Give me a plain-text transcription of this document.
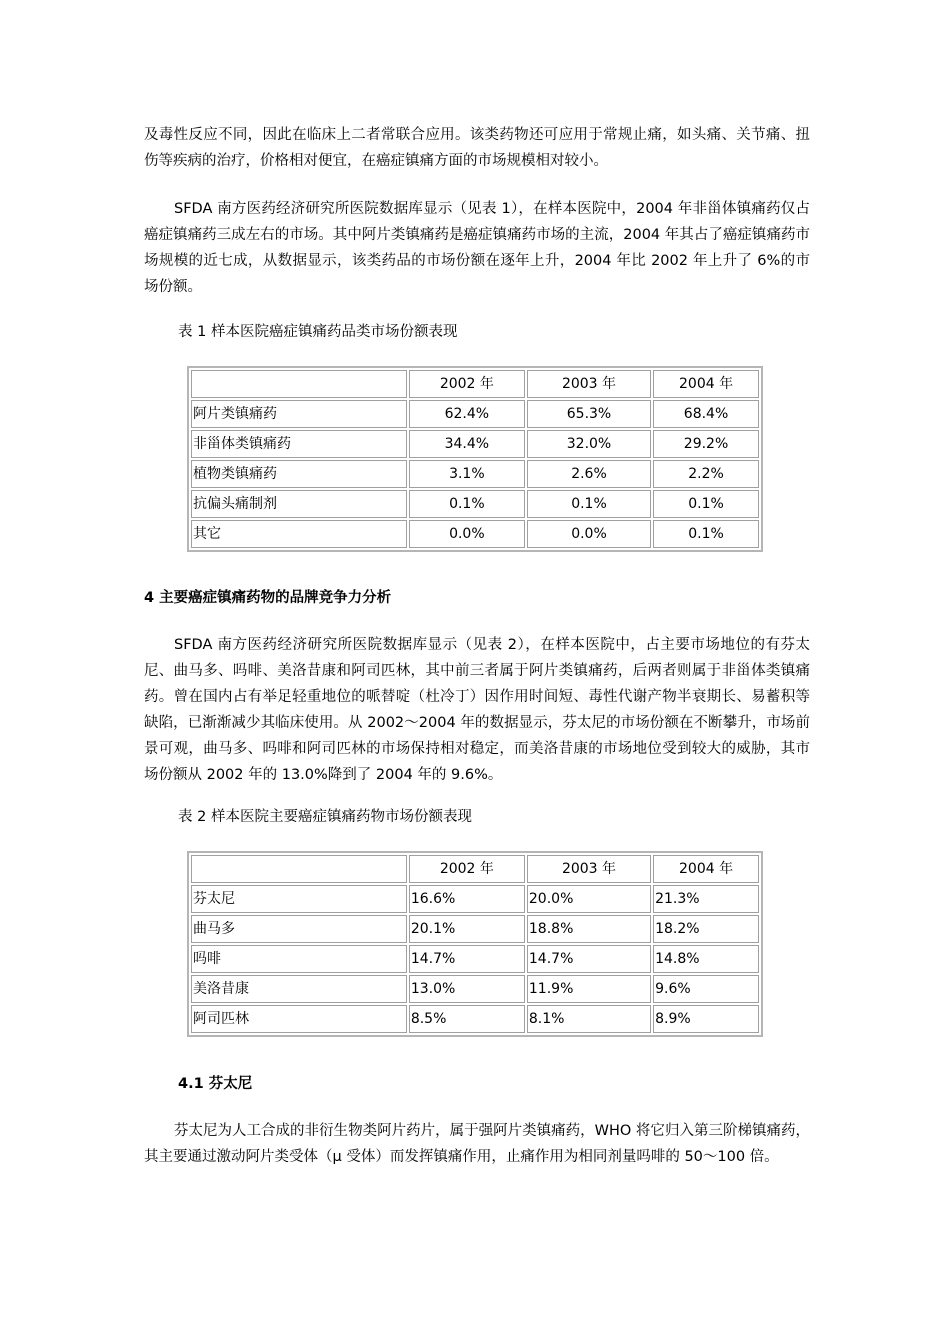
及毒性反应不同，因此在临床上二者常联合应用。该类药物还可应用于常规止痛，如头痛、关节痛、扭伤等疾病的治疗，价格相对便宜，在癌症镇痛方面的市场规模相对较小。

SFDA 南方医药经济研究所医院数据库显示（见表 1），在样本医院中，2004 年非甾体镇痛药仅占癌症镇痛药三成左右的市场。其中阿片类镇痛药是癌症镇痛药市场的主流，2004 年其占了癌症镇痛药市场规模的近七成，从数据显示，该类药品的市场份额在逐年上升，2004 年比 2002 年上升了 6%的市场份额。

表 1 样本医院癌症镇痛药品类市场份额表现

	2002 年	2003 年	2004 年
阿片类镇痛药	62.4%	65.3%	68.4%
非甾体类镇痛药	34.4%	32.0%	29.2%
植物类镇痛药	3.1%	2.6%	2.2%
抗偏头痛制剂	0.1%	0.1%	0.1%
其它	0.0%	0.0%	0.1%

4 主要癌症镇痛药物的品牌竞争力分析

SFDA 南方医药经济研究所医院数据库显示（见表 2），在样本医院中，占主要市场地位的有芬太尼、曲马多、吗啡、美洛昔康和阿司匹林，其中前三者属于阿片类镇痛药，后两者则属于非甾体类镇痛药。曾在国内占有举足轻重地位的哌替啶（杜冷丁）因作用时间短、毒性代谢产物半衰期长、易蓄积等缺陷，已渐渐减少其临床使用。从 2002～2004 年的数据显示，芬太尼的市场份额在不断攀升，市场前景可观，曲马多、吗啡和阿司匹林的市场保持相对稳定，而美洛昔康的市场地位受到较大的威胁，其市场份额从 2002 年的 13.0%降到了 2004 年的 9.6%。

表 2 样本医院主要癌症镇痛药物市场份额表现

	2002 年	2003 年	2004 年
芬太尼	16.6%	20.0%	21.3%
曲马多	20.1%	18.8%	18.2%
吗啡	14.7%	14.7%	14.8%
美洛昔康	13.0%	11.9%	9.6%
阿司匹林	8.5%	8.1%	8.9%

4.1 芬太尼

芬太尼为人工合成的非衍生物类阿片药片，属于强阿片类镇痛药，WHO 将它归入第三阶梯镇痛药，其主要通过激动阿片类受体（μ 受体）而发挥镇痛作用，止痛作用为相同剂量吗啡的 50～100 倍。
